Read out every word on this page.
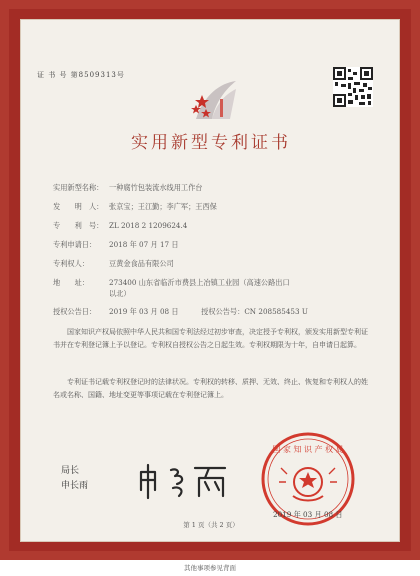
证 书 号 第8509313号
实用新型专利证书
实用新型名称： 一种腐竹包装流水线用工作台
发　　明　人： 张京宝；王江勤；李广军；王西保
专　　利　号： ZL 2018 2 1209624.4
专利申请日： 2018 年 07 月 17 日
专利权人：	豆黄金食品有限公司
地　　址：	273400 山东省临沂市费县上冶镇工业园（高速公路出口
以北）
授权公告日： 2019 年 03 月 08 日	授权公告号：CN 208585453 U
国家知识产权局依照中华人民共和国专利法经过初步审查，决定授予专利权，颁发实用新型专利证书并在专利登记簿上予以登记。专利权自授权公告之日起生效。专利权期限为十年，自申请日起算。
专利证书记载专利权登记时的法律状况。专利权的转移、质押、无效、终止、恢复和专利权人的姓名或名称、国籍、地址变更等事项记载在专利登记簿上。
局长
申长雨
国 家 知 识 产 权 局
2019 年 03 月 08 日
第 1 页（共 2 页）
其他事项参见背面
